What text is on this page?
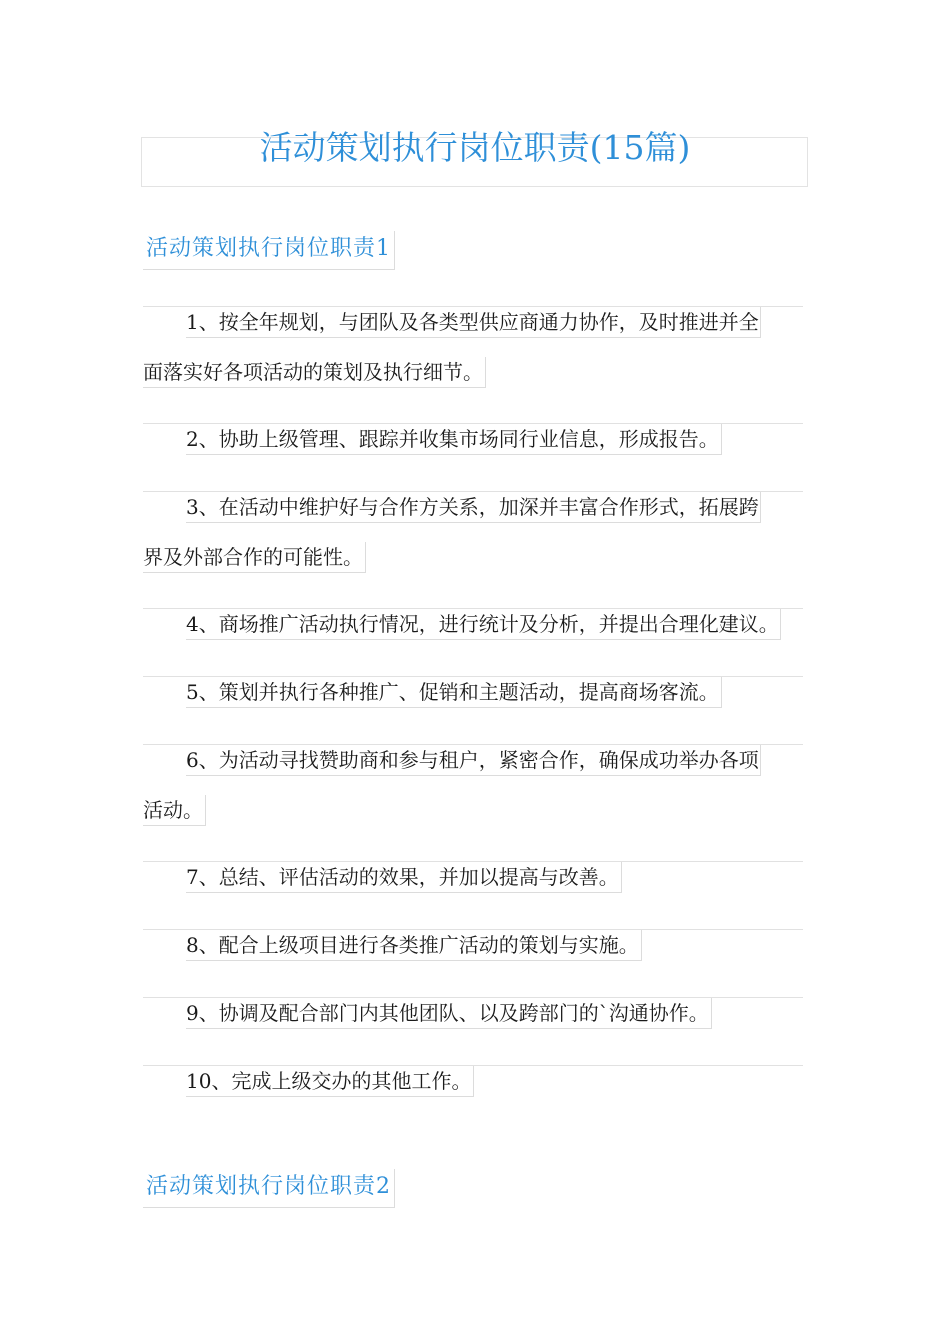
活动策划执行岗位职责(15篇)
活动策划执行岗位职责1
1、按全年规划，与团队及各类型供应商通力协作，及时推进并全
面落实好各项活动的策划及执行细节。
2、协助上级管理、跟踪并收集市场同行业信息，形成报告。
3、在活动中维护好与合作方关系，加深并丰富合作形式，拓展跨
界及外部合作的可能性。
4、商场推广活动执行情况，进行统计及分析，并提出合理化建议。
5、策划并执行各种推广、促销和主题活动，提高商场客流。
6、为活动寻找赞助商和参与租户，紧密合作，确保成功举办各项
活动。
7、总结、评估活动的效果，并加以提高与改善。
8、配合上级项目进行各类推广活动的策划与实施。
9、协调及配合部门内其他团队、以及跨部门的`沟通协作。
10、完成上级交办的其他工作。
活动策划执行岗位职责2
